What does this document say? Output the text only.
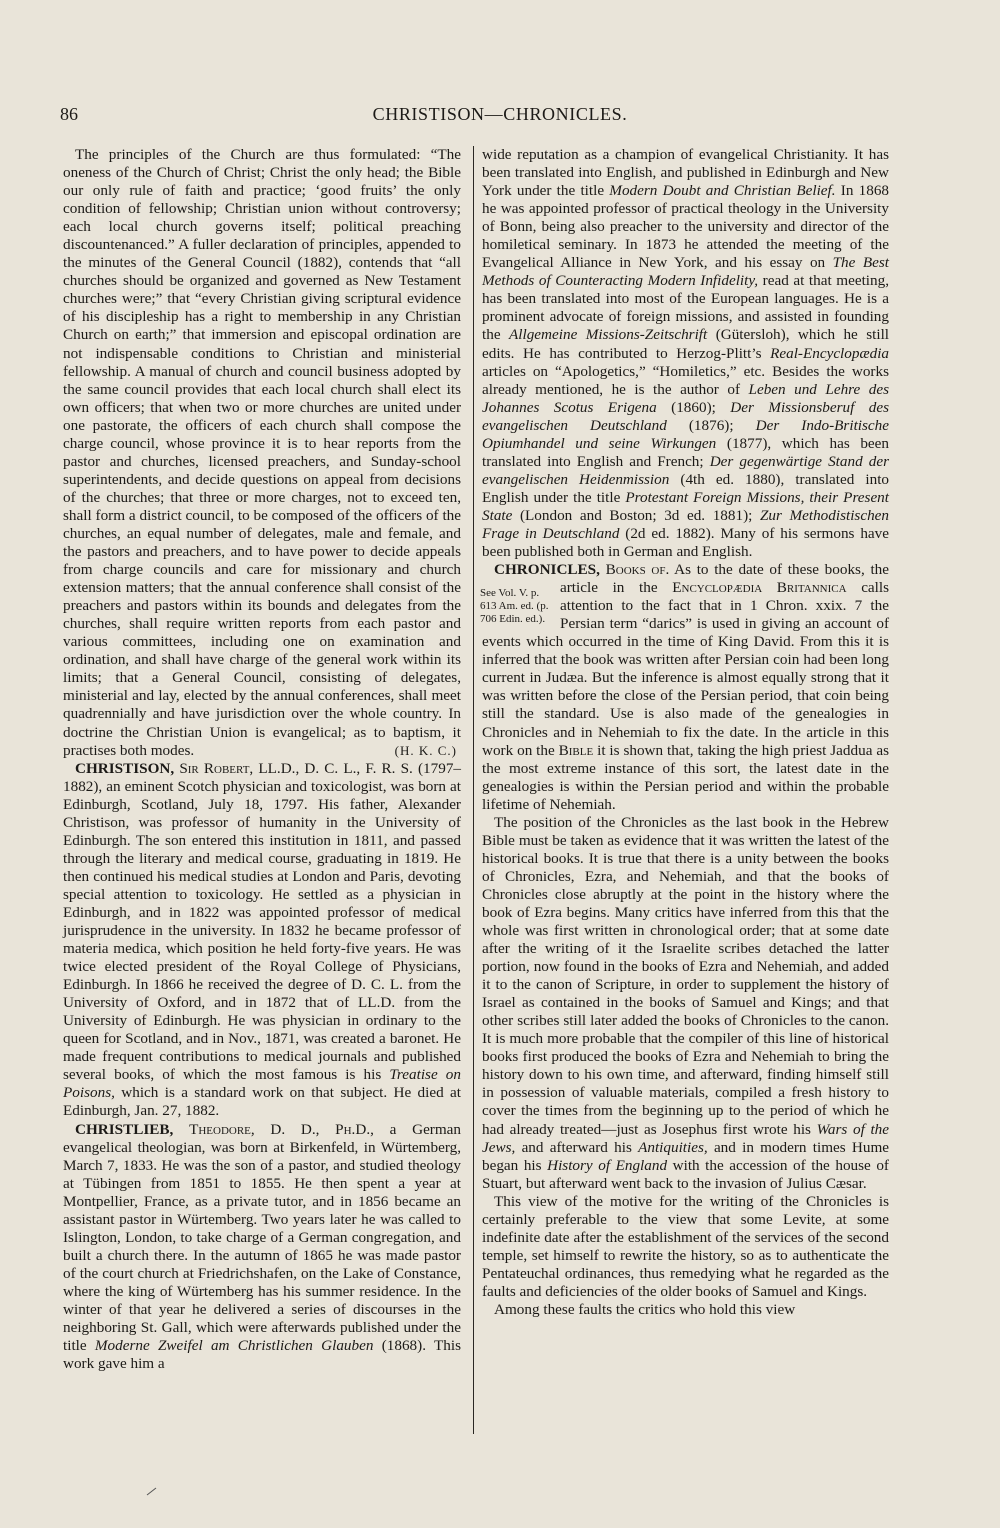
86	CHRISTISON—CHRONICLES.

The principles of the Church are thus formulated: “The oneness of the Church of Christ; Christ the only head; the Bible our only rule of faith and practice; ‘good fruits’ the only condition of fellowship; Christian union without controversy; each local church governs itself; political preaching discountenanced.” A fuller declaration of principles, appended to the minutes of the General Council (1882), contends that “all churches should be organized and governed as New Testament churches were;” that “every Christian giving scriptural evidence of his discipleship has a right to membership in any Christian Church on earth;” that immersion and episcopal ordination are not indispensable conditions to Christian and ministerial fellowship. A manual of church and council business adopted by the same council provides that each local church shall elect its own officers; that when two or more churches are united under one pastorate, the officers of each church shall compose the charge council, whose province it is to hear reports from the pastor and churches, licensed preachers, and Sunday-school superintendents, and decide questions on appeal from decisions of the churches; that three or more charges, not to exceed ten, shall form a district council, to be composed of the officers of the churches, an equal number of delegates, male and female, and the pastors and preachers, and to have power to decide appeals from charge councils and care for missionary and church extension matters; that the annual conference shall consist of the preachers and pastors within its bounds and delegates from the churches, shall require written reports from each pastor and various committees, including one on examination and ordination, and shall have charge of the general work within its limits; that a General Council, consisting of delegates, ministerial and lay, elected by the annual conferences, shall meet quadrennially and have jurisdiction over the whole country. In doctrine the Christian Union is evangelical; as to baptism, it practises both modes.	(H. K. C.)

CHRISTISON, Sir Robert, LL.D., D. C. L., F. R. S. (1797–1882), an eminent Scotch physician and toxicologist, was born at Edinburgh, Scotland, July 18, 1797. His father, Alexander Christison, was professor of humanity in the University of Edinburgh. The son entered this institution in 1811, and passed through the literary and medical course, graduating in 1819. He then continued his medical studies at London and Paris, devoting special attention to toxicology. He settled as a physician in Edinburgh, and in 1822 was appointed professor of medical jurisprudence in the university. In 1832 he became professor of materia medica, which position he held forty-five years. He was twice elected president of the Royal College of Physicians, Edinburgh. In 1866 he received the degree of D. C. L. from the University of Oxford, and in 1872 that of LL.D. from the University of Edinburgh. He was physician in ordinary to the queen for Scotland, and in Nov., 1871, was created a baronet. He made frequent contributions to medical journals and published several books, of which the most famous is his Treatise on Poisons, which is a standard work on that subject. He died at Edinburgh, Jan. 27, 1882.

CHRISTLIEB, Theodore, D. D., Ph.D., a German evangelical theologian, was born at Birkenfeld, in Würtemberg, March 7, 1833. He was the son of a pastor, and studied theology at Tübingen from 1851 to 1855. He then spent a year at Montpellier, France, as a private tutor, and in 1856 became an assistant pastor in Würtemberg. Two years later he was called to Islington, London, to take charge of a German congregation, and built a church there. In the autumn of 1865 he was made pastor of the court church at Friedrichshafen, on the Lake of Constance, where the king of Würtemberg has his summer residence. In the winter of that year he delivered a series of discourses in the neighboring St. Gall, which were afterwards published under the title Moderne Zweifel am Christlichen Glauben (1868). This work gave him a

wide reputation as a champion of evangelical Christianity. It has been translated into English, and published in Edinburgh and New York under the title Modern Doubt and Christian Belief. In 1868 he was appointed professor of practical theology in the University of Bonn, being also preacher to the university and director of the homiletical seminary. In 1873 he attended the meeting of the Evangelical Alliance in New York, and his essay on The Best Methods of Counteracting Modern Infidelity, read at that meeting, has been translated into most of the European languages. He is a prominent advocate of foreign missions, and assisted in founding the Allgemeine Missions-Zeitschrift (Gütersloh), which he still edits. He has contributed to Herzog-Plitt’s Real-Encyclopædia articles on “Apologetics,” “Homiletics,” etc. Besides the works already mentioned, he is the author of Leben und Lehre des Johannes Scotus Erigena (1860); Der Missionsberuf des evangelischen Deutschland (1876); Der Indo-Britische Opiumhandel und seine Wirkungen (1877), which has been translated into English and French; Der gegenwärtige Stand der evangelischen Heidenmission (4th ed. 1880), translated into English under the title Protestant Foreign Missions, their Present State (London and Boston; 3d ed. 1881); Zur Methodistischen Frage in Deutschland (2d ed. 1882). Many of his sermons have been published both in German and English.

CHRONICLES, Books of. As to the date of these books, the article in the
See Vol. V. p. 613 Am. ed. (p. 706 Edin. ed.).
Encyclopædia Britannica calls attention to the fact that in 1 Chron. xxix. 7 the Persian term “darics” is used in giving an account of events which occurred in the time of King David. From this it is inferred that the book was written after Persian coin had been long current in Judæa. But the inference is almost equally strong that it was written before the close of the Persian period, that coin being still the standard. Use is also made of the genealogies in Chronicles and in Nehemiah to fix the date. In the article in this work on the Bible it is shown that, taking the high priest Jaddua as the most extreme instance of this sort, the latest date in the genealogies is within the Persian period and within the probable lifetime of Nehemiah.

The position of the Chronicles as the last book in the Hebrew Bible must be taken as evidence that it was written the latest of the historical books. It is true that there is a unity between the books of Chronicles, Ezra, and Nehemiah, and that the books of Chronicles close abruptly at the point in the history where the book of Ezra begins. Many critics have inferred from this that the whole was first written in chronological order; that at some date after the writing of it the Israelite scribes detached the latter portion, now found in the books of Ezra and Nehemiah, and added it to the canon of Scripture, in order to supplement the history of Israel as contained in the books of Samuel and Kings; and that other scribes still later added the books of Chronicles to the canon. It is much more probable that the compiler of this line of historical books first produced the books of Ezra and Nehemiah to bring the history down to his own time, and afterward, finding himself still in possession of valuable materials, compiled a fresh history to cover the times from the beginning up to the period of which he had already treated—just as Josephus first wrote his Wars of the Jews, and afterward his Antiquities, and in modern times Hume began his History of England with the accession of the house of Stuart, but afterward went back to the invasion of Julius Cæsar.

This view of the motive for the writing of the Chronicles is certainly preferable to the view that some Levite, at some indefinite date after the establishment of the services of the second temple, set himself to rewrite the history, so as to authenticate the Pentateuchal ordinances, thus remedying what he regarded as the faults and deficiencies of the older books of Samuel and Kings.

Among these faults the critics who hold this view
